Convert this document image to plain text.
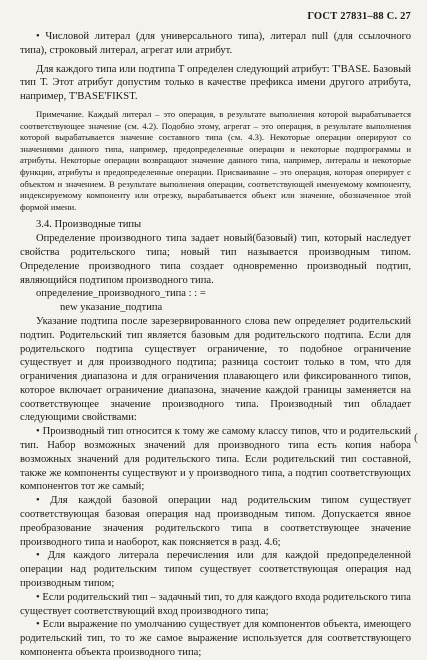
ГОСТ 27831–88 С. 27

• Числовой литерал (для универсального типа), литерал null (для ссылочного типа), строковый литерал, агрегат или атрибут.

Для каждого типа или подтипа Т определен следующий атрибут: T'BASE. Базовый тип Т. Этот атрибут допустим только в качестве префикса имени другого атрибута, например, T'BASE'FIKST.

Примечание. Каждый литерал – это операция, в результате выполнения которой вырабатывается соответствующее значение (см. 4.2). Подобно этому, агрегат – это операция, в результате выполнения которой вырабатывается значение составного типа (см. 4.3). Некоторые операции оперируют со значениями данного типа, например, предопределенные операции и некоторые подпрограммы и атрибуты. Некоторые операции возвращают значение данного типа, например, литералы и некоторые функции, атрибуты и предопределенные операции. Присваивание – это операция, которая оперирует с объектом и значением. В результате выполнения операции, соответствующей именуемому компоненту, индексируемому компоненту или отрезку, вырабатывается объект или значение, обозначенное этой формой имени.

3.4. Производные типы

Определение производного типа задает новый(базовый) тип, который наследует свойства родительского типа; новый тип называется производным типом. Определение производного типа создает одновременно производный подтип, являющийся подтипом производного типа.

определение_производного_типа : : =

new указание_подтипа

Указание подтипа после зарезервированного слова new определяет родительский подтип. Родительский тип является базовым для родительского подтипа. Если для родительского подтипа существует ограничение, то подобное ограничение существует и для производного подтипа; разница состоит только в том, что для ограничения диапазона и для ограничения плавающего или фиксированного типов, которое включает ограничение диапазона, значение каждой границы заменяется на соответствующее значение производного типа. Производный тип обладает следующими свойствами:

• Производный тип относится к тому же самому классу типов, что и родительский тип. Набор возможных значений для производного типа есть копия набора возможных значений для родительского типа. Если родительский тип составной, также же компоненты существуют и у производного типа, а подтип соответствующих компонентов тот же самый;

• Для каждой базовой операции над родительским типом существует соответствующая базовая операция над производным типом. Допускается явное преобразование значения родительского типа в соответствующее значение производного типа и наоборот, как поясняется в разд. 4.6;

• Для каждого литерала перечисления или для каждой предопределенной операции над родительским типом существует соответствующая операция над производным типом;

• Если родительский тип – задачный тип, то для каждого входа родительского типа существует соответствующий вход производного типа;

• Если выражение по умолчанию существует для компонентов объекта, имеющего родительский тип, то то же самое выражение используется для соответствующего компонента объекта производного типа;

(
